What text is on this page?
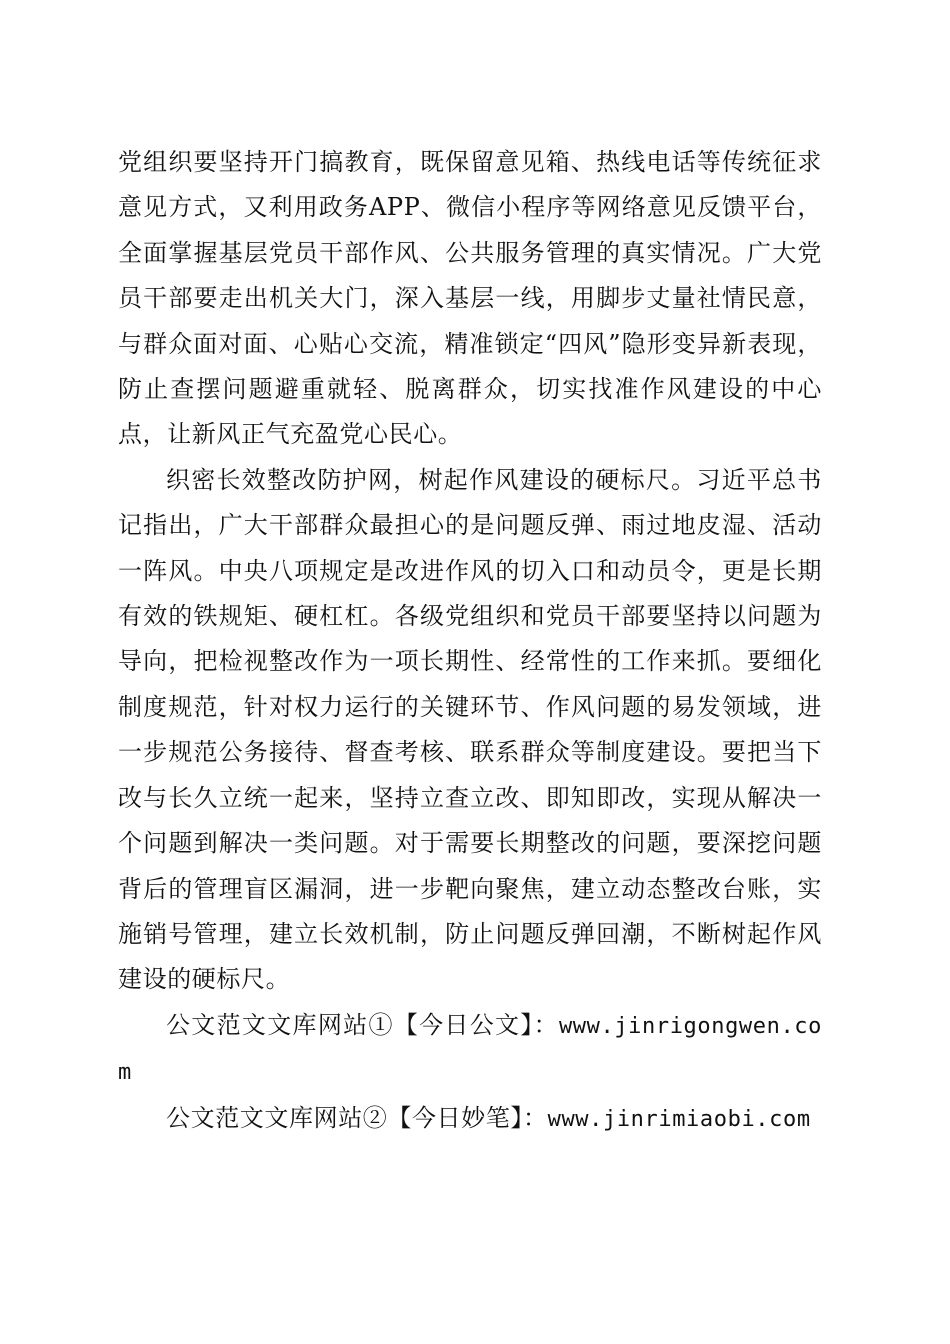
党组织要坚持开门搞教育，既保留意见箱、热线电话等传统征求意见方式，又利用政务APP、微信小程序等网络意见反馈平台，全面掌握基层党员干部作风、公共服务管理的真实情况。广大党员干部要走出机关大门，深入基层一线，用脚步丈量社情民意，与群众面对面、心贴心交流，精准锁定“四风”隐形变异新表现，防止查摆问题避重就轻、脱离群众，切实找准作风建设的中心点，让新风正气充盈党心民心。

织密长效整改防护网，树起作风建设的硬标尺。习近平总书记指出，广大干部群众最担心的是问题反弹、雨过地皮湿、活动一阵风。中央八项规定是改进作风的切入口和动员令，更是长期有效的铁规矩、硬杠杠。各级党组织和党员干部要坚持以问题为导向，把检视整改作为一项长期性、经常性的工作来抓。要细化制度规范，针对权力运行的关键环节、作风问题的易发领域，进一步规范公务接待、督查考核、联系群众等制度建设。要把当下改与长久立统一起来，坚持立查立改、即知即改，实现从解决一个问题到解决一类问题。对于需要长期整改的问题，要深挖问题背后的管理盲区漏洞，进一步靶向聚焦，建立动态整改台账，实施销号管理，建立长效机制，防止问题反弹回潮，不断树起作风建设的硬标尺。

公文范文文库网站①【今日公文】：www.jinrigongwen.com

公文范文文库网站②【今日妙笔】：www.jinrimiaobi.com
